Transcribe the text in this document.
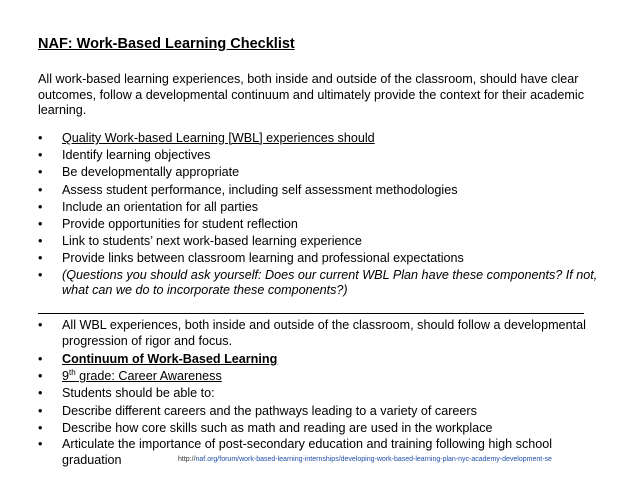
NAF: Work-Based Learning Checklist
All work-based learning experiences, both inside and outside of the classroom, should have clear outcomes, follow a developmental continuum and ultimately provide the context for their academic learning.
• Quality Work-based Learning [WBL] experiences should
• Identify learning objectives
• Be developmentally appropriate
• Assess student performance, including self assessment methodologies
• Include an orientation for all parties
• Provide opportunities for student reflection
• Link to students’ next work-based learning experience
• Provide links between classroom learning and professional expectations
• (Questions you should ask yourself: Does our current WBL Plan have these components? If not, what can we do to incorporate these components?)
• All WBL experiences, both inside and outside of the classroom, should follow a developmental progression of rigor and focus.
• Continuum of Work-Based Learning
• 9th grade: Career Awareness
• Students should be able to:
• Describe different careers and the pathways leading to a variety of careers
• Describe how core skills such as math and reading are used in the workplace
• Articulate the importance of post-secondary education and training following high school graduation	http://naf.org/forum/work-based-learning-internships/developing-work-based-learning-plan-nyc-academy-development-se
